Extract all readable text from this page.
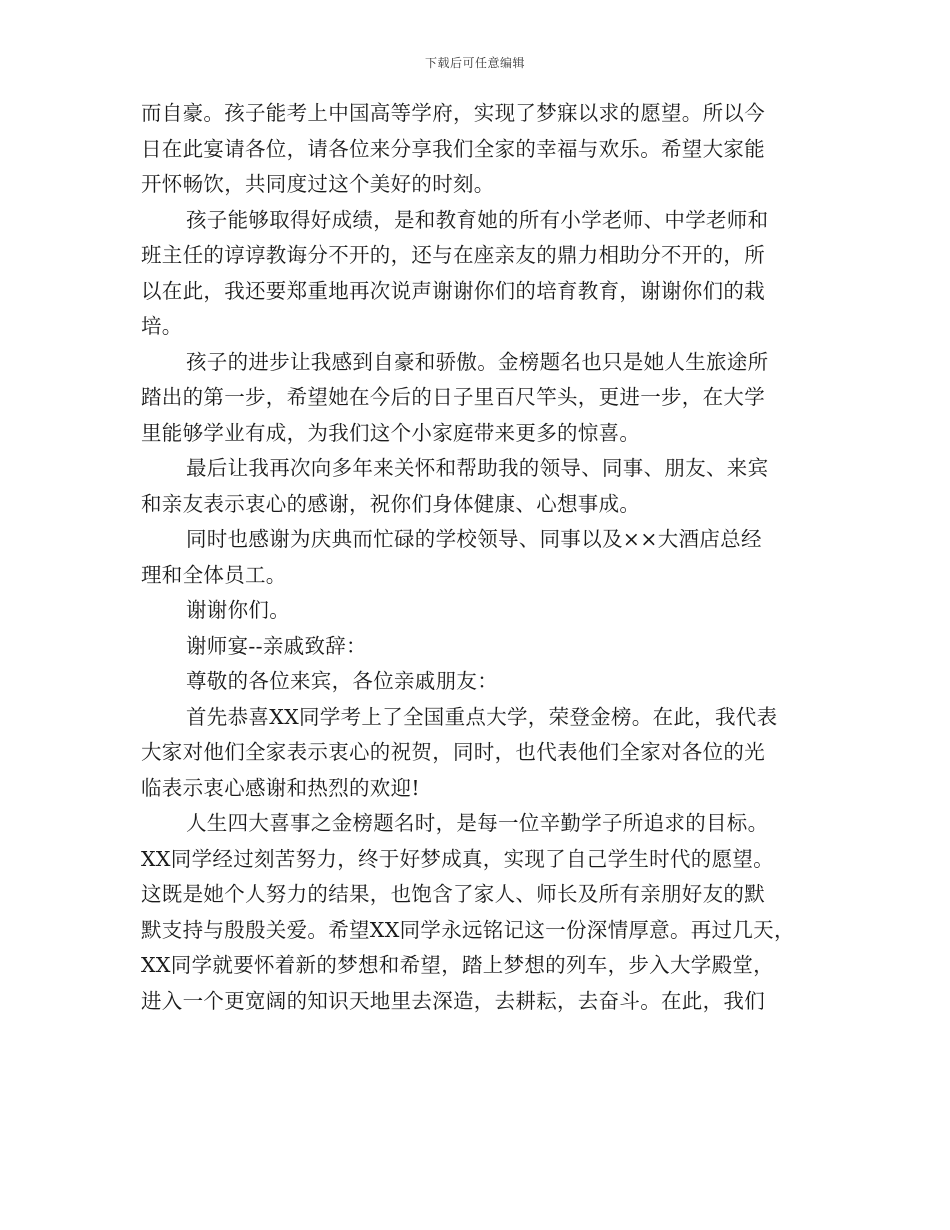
下载后可任意编辑
而自豪。孩子能考上中国高等学府，实现了梦寐以求的愿望。所以今
日在此宴请各位，请各位来分享我们全家的幸福与欢乐。希望大家能
开怀畅饮，共同度过这个美好的时刻。
孩子能够取得好成绩，是和教育她的所有小学老师、中学老师和
班主任的谆谆教诲分不开的，还与在座亲友的鼎力相助分不开的，所
以在此，我还要郑重地再次说声谢谢你们的培育教育，谢谢你们的栽
培。
孩子的进步让我感到自豪和骄傲。金榜题名也只是她人生旅途所
踏出的第一步，希望她在今后的日子里百尺竿头，更进一步，在大学
里能够学业有成，为我们这个小家庭带来更多的惊喜。
最后让我再次向多年来关怀和帮助我的领导、同事、朋友、来宾
和亲友表示衷心的感谢，祝你们身体健康、心想事成。
同时也感谢为庆典而忙碌的学校领导、同事以及××大酒店总经
理和全体员工。
谢谢你们。
谢师宴--亲戚致辞：
尊敬的各位来宾，各位亲戚朋友：
首先恭喜XX同学考上了全国重点大学，荣登金榜。在此，我代表
大家对他们全家表示衷心的祝贺，同时，也代表他们全家对各位的光
临表示衷心感谢和热烈的欢迎!
人生四大喜事之金榜题名时，是每一位辛勤学子所追求的目标。
XX同学经过刻苦努力，终于好梦成真，实现了自己学生时代的愿望。
这既是她个人努力的结果，也饱含了家人、师长及所有亲朋好友的默
默支持与殷殷关爱。希望XX同学永远铭记这一份深情厚意。再过几天，
XX同学就要怀着新的梦想和希望，踏上梦想的列车，步入大学殿堂，
进入一个更宽阔的知识天地里去深造，去耕耘，去奋斗。在此，我们
